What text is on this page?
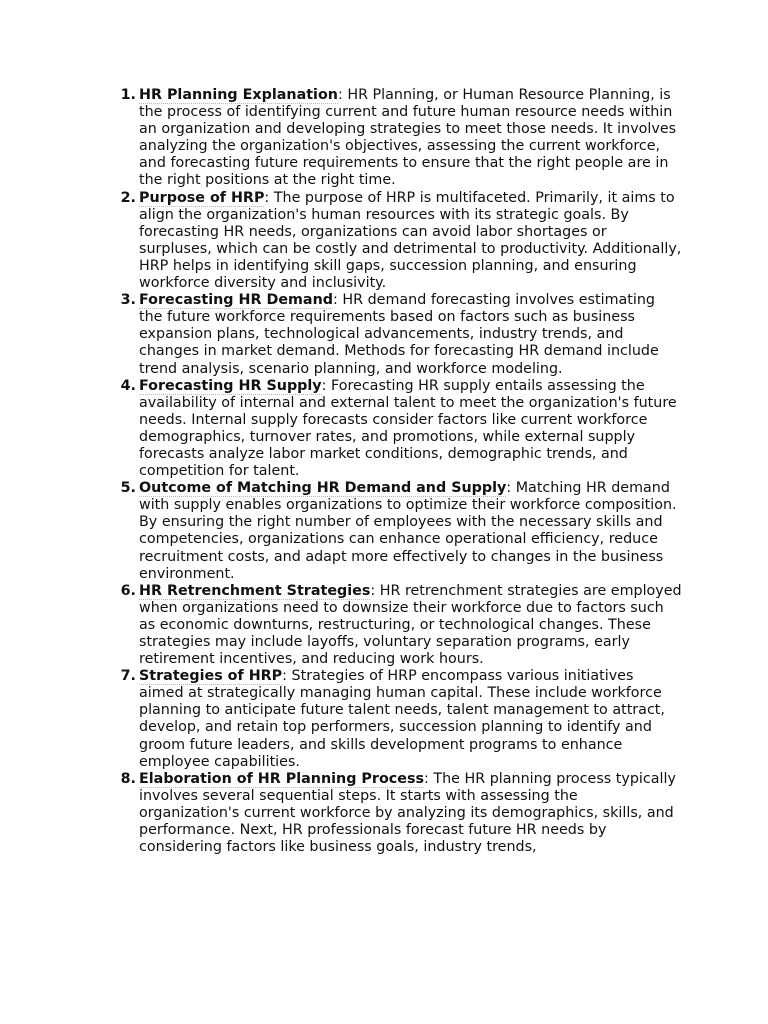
1. HR Planning Explanation: HR Planning, or Human Resource Planning, is the process of identifying current and future human resource needs within an organization and developing strategies to meet those needs. It involves analyzing the organization's objectives, assessing the current workforce, and forecasting future requirements to ensure that the right people are in the right positions at the right time.
2. Purpose of HRP: The purpose of HRP is multifaceted. Primarily, it aims to align the organization's human resources with its strategic goals. By forecasting HR needs, organizations can avoid labor shortages or surpluses, which can be costly and detrimental to productivity. Additionally, HRP helps in identifying skill gaps, succession planning, and ensuring workforce diversity and inclusivity.
3. Forecasting HR Demand: HR demand forecasting involves estimating the future workforce requirements based on factors such as business expansion plans, technological advancements, industry trends, and changes in market demand. Methods for forecasting HR demand include trend analysis, scenario planning, and workforce modeling.
4. Forecasting HR Supply: Forecasting HR supply entails assessing the availability of internal and external talent to meet the organization's future needs. Internal supply forecasts consider factors like current workforce demographics, turnover rates, and promotions, while external supply forecasts analyze labor market conditions, demographic trends, and competition for talent.
5. Outcome of Matching HR Demand and Supply: Matching HR demand with supply enables organizations to optimize their workforce composition. By ensuring the right number of employees with the necessary skills and competencies, organizations can enhance operational efficiency, reduce recruitment costs, and adapt more effectively to changes in the business environment.
6. HR Retrenchment Strategies: HR retrenchment strategies are employed when organizations need to downsize their workforce due to factors such as economic downturns, restructuring, or technological changes. These strategies may include layoffs, voluntary separation programs, early retirement incentives, and reducing work hours.
7. Strategies of HRP: Strategies of HRP encompass various initiatives aimed at strategically managing human capital. These include workforce planning to anticipate future talent needs, talent management to attract, develop, and retain top performers, succession planning to identify and groom future leaders, and skills development programs to enhance employee capabilities.
8. Elaboration of HR Planning Process: The HR planning process typically involves several sequential steps. It starts with assessing the organization's current workforce by analyzing its demographics, skills, and performance. Next, HR professionals forecast future HR needs by considering factors like business goals, industry trends,
